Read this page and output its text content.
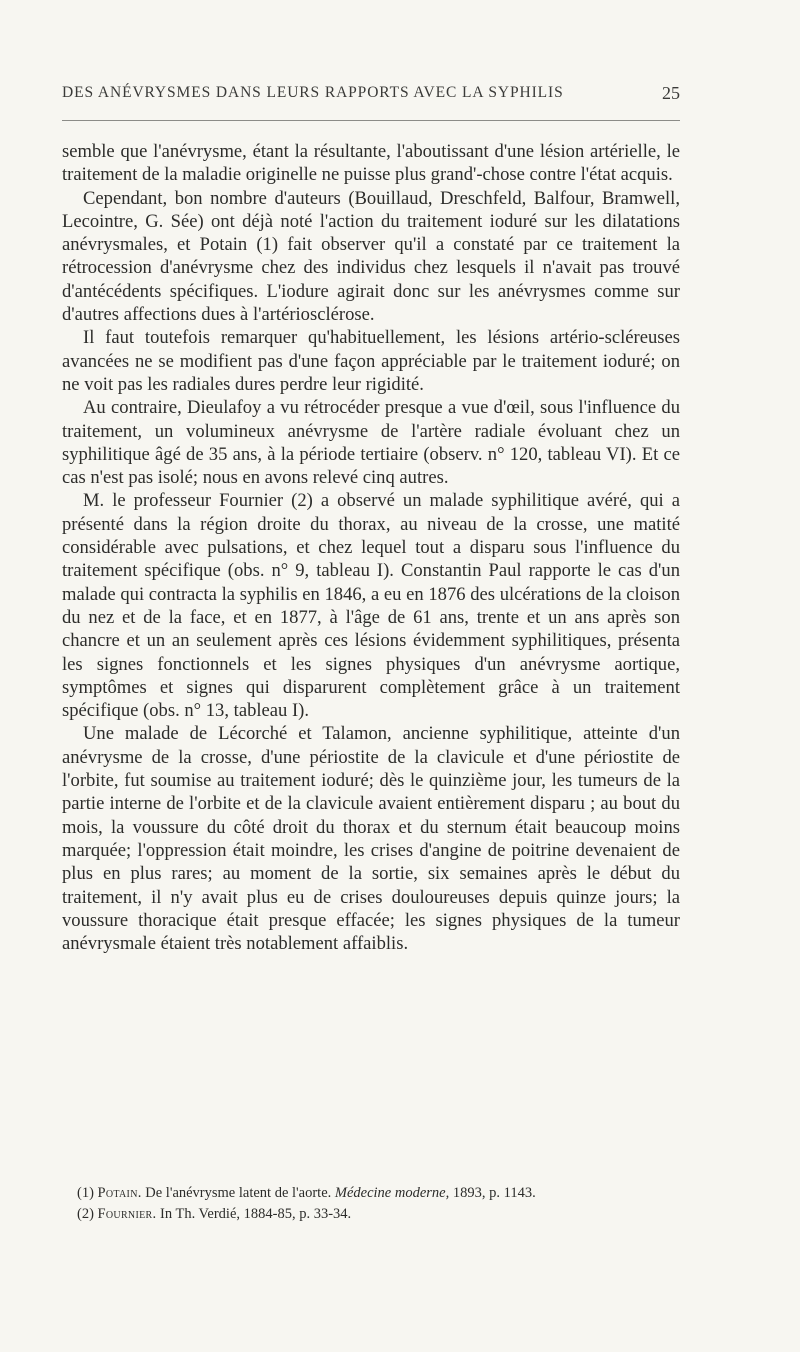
DES ANÉVRYSMES DANS LEURS RAPPORTS AVEC LA SYPHILIS	25

semble que l'anévrysme, étant la résultante, l'aboutissant d'une lésion artérielle, le traitement de la maladie originelle ne puisse plus grand'-chose contre l'état acquis.

Cependant, bon nombre d'auteurs (Bouillaud, Dreschfeld, Balfour, Bramwell, Lecointre, G. Sée) ont déjà noté l'action du traitement ioduré sur les dilatations anévrysmales, et Potain (1) fait observer qu'il a constaté par ce traitement la rétrocession d'anévrysme chez des individus chez lesquels il n'avait pas trouvé d'antécédents spécifiques. L'iodure agirait donc sur les anévrysmes comme sur d'autres affections dues à l'artériosclérose.

Il faut toutefois remarquer qu'habituellement, les lésions artério-scléreuses avancées ne se modifient pas d'une façon appréciable par le traitement ioduré; on ne voit pas les radiales dures perdre leur rigidité.

Au contraire, Dieulafoy a vu rétrocéder presque a vue d'œil, sous l'influence du traitement, un volumineux anévrysme de l'artère radiale évoluant chez un syphilitique âgé de 35 ans, à la période tertiaire (observ. n° 120, tableau VI). Et ce cas n'est pas isolé; nous en avons relevé cinq autres.

M. le professeur Fournier (2) a observé un malade syphilitique avéré, qui a présenté dans la région droite du thorax, au niveau de la crosse, une matité considérable avec pulsations, et chez lequel tout a disparu sous l'influence du traitement spécifique (obs. n° 9, tableau I). Constantin Paul rapporte le cas d'un malade qui contracta la syphilis en 1846, a eu en 1876 des ulcérations de la cloison du nez et de la face, et en 1877, à l'âge de 61 ans, trente et un ans après son chancre et un an seulement après ces lésions évidemment syphilitiques, présenta les signes fonctionnels et les signes physiques d'un anévrysme aortique, symptômes et signes qui disparurent complètement grâce à un traitement spécifique (obs. n° 13, tableau I).

Une malade de Lécorché et Talamon, ancienne syphilitique, atteinte d'un anévrysme de la crosse, d'une périostite de la clavicule et d'une périostite de l'orbite, fut soumise au traitement ioduré; dès le quinzième jour, les tumeurs de la partie interne de l'orbite et de la clavicule avaient entièrement disparu ; au bout du mois, la voussure du côté droit du thorax et du sternum était beaucoup moins marquée; l'oppression était moindre, les crises d'angine de poitrine devenaient de plus en plus rares; au moment de la sortie, six semaines après le début du traitement, il n'y avait plus eu de crises douloureuses depuis quinze jours; la voussure thoracique était presque effacée; les signes physiques de la tumeur anévrysmale étaient très notablement affaiblis.

(1) Potain. De l'anévrysme latent de l'aorte. Médecine moderne, 1893, p. 1143.
(2) Fournier. In Th. Verdié, 1884-85, p. 33-34.
